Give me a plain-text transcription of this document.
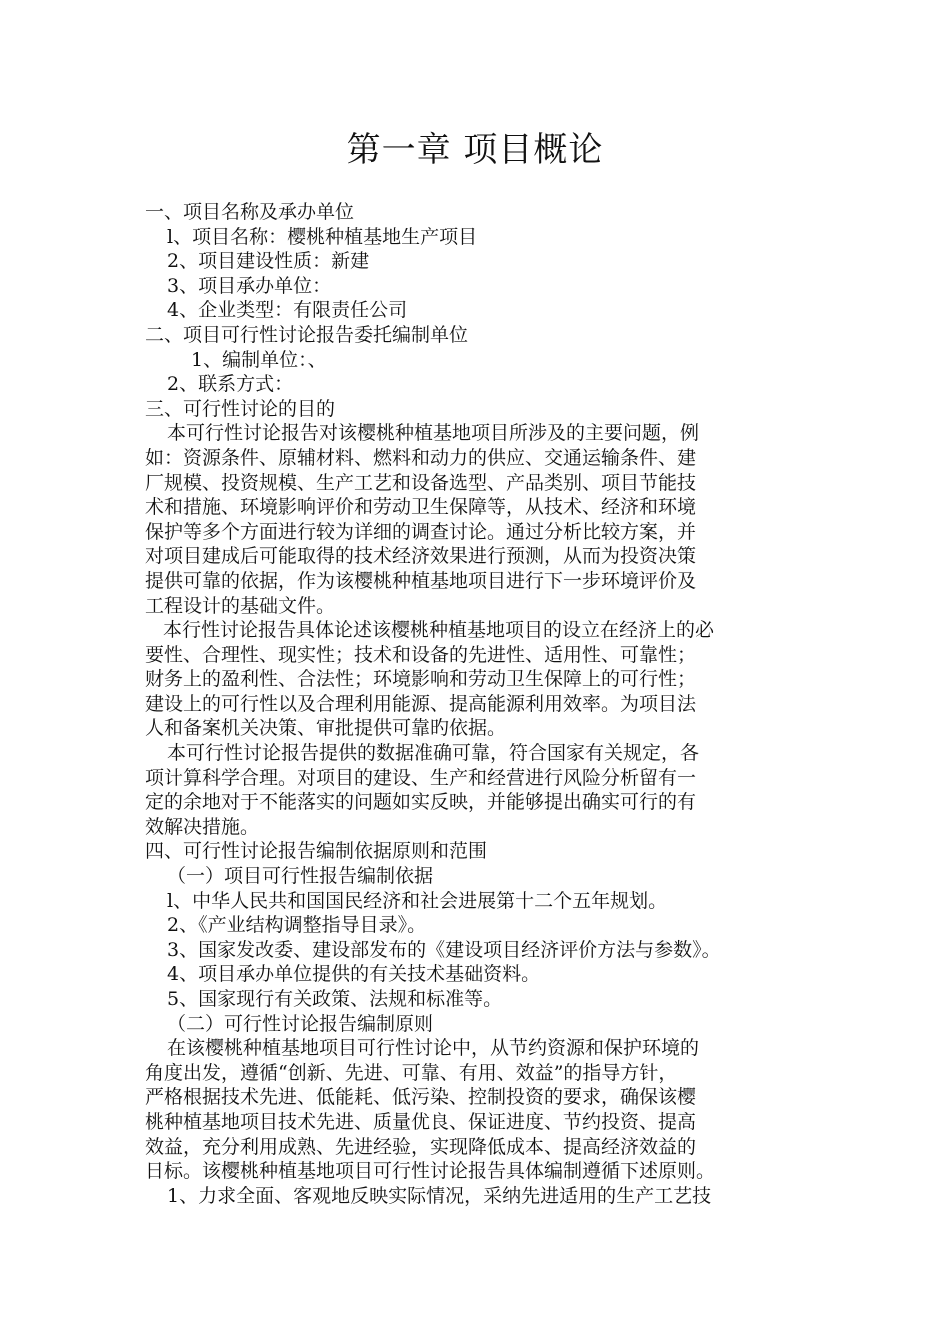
第一章 项目概论

一、项目名称及承办单位

l、项目名称：樱桃种植基地生产项目

2、项目建设性质：新建

3、项目承办单位：

4、企业类型：有限责任公司

二、项目可行性讨论报告委托编制单位

1、编制单位：、

2、联系方式：

三、可行性讨论的目的

本可行性讨论报告对该樱桃种植基地项目所涉及的主要问题，例

如：资源条件、原辅材料、燃料和动力的供应、交通运输条件、建

厂规模、投资规模、生产工艺和设备选型、产品类别、项目节能技

术和措施、环境影响评价和劳动卫生保障等，从技术、经济和环境

保护等多个方面进行较为详细的调查讨论。通过分析比较方案，并

对项目建成后可能取得的技术经济效果进行预测，从而为投资决策

提供可靠的依据，作为该樱桃种植基地项目进行下一步环境评价及

工程设计的基础文件。

本行性讨论报告具体论述该樱桃种植基地项目的设立在经济上的必

要性、合理性、现实性；技术和设备的先进性、适用性、可靠性；

财务上的盈利性、合法性；环境影响和劳动卫生保障上的可行性；

建设上的可行性以及合理利用能源、提高能源利用效率。为项目法

人和备案机关决策、审批提供可靠旳依据。

本可行性讨论报告提供的数据准确可靠，符合国家有关规定，各

项计算科学合理。对项目的建设、生产和经营进行风险分析留有一

定的余地对于不能落实的问题如实反映，并能够提出确实可行的有

效解决措施。

四、可行性讨论报告编制依据原则和范围

（一）项目可行性报告编制依据

l、中华人民共和国国民经济和社会进展第十二个五年规划。

2、《产业结构调整指导目录》。

3、国家发改委、建设部发布的《建设项目经济评价方法与参数》。

4、项目承办单位提供的有关技术基础资料。

5、国家现行有关政策、法规和标准等。

（二）可行性讨论报告编制原则

在该樱桃种植基地项目可行性讨论中，从节约资源和保护环境的

角度出发，遵循“创新、先进、可靠、有用、效益”的指导方针，

严格根据技术先进、低能耗、低污染、控制投资的要求，确保该樱

桃种植基地项目技术先进、质量优良、保证进度、节约投资、提高

效益，充分利用成熟、先进经验，实现降低成本、提高经济效益的

日标。该樱桃种植基地项目可行性讨论报告具体编制遵循下述原则。

1、力求全面、客观地反映实际情况，采纳先进适用的生产工艺技
